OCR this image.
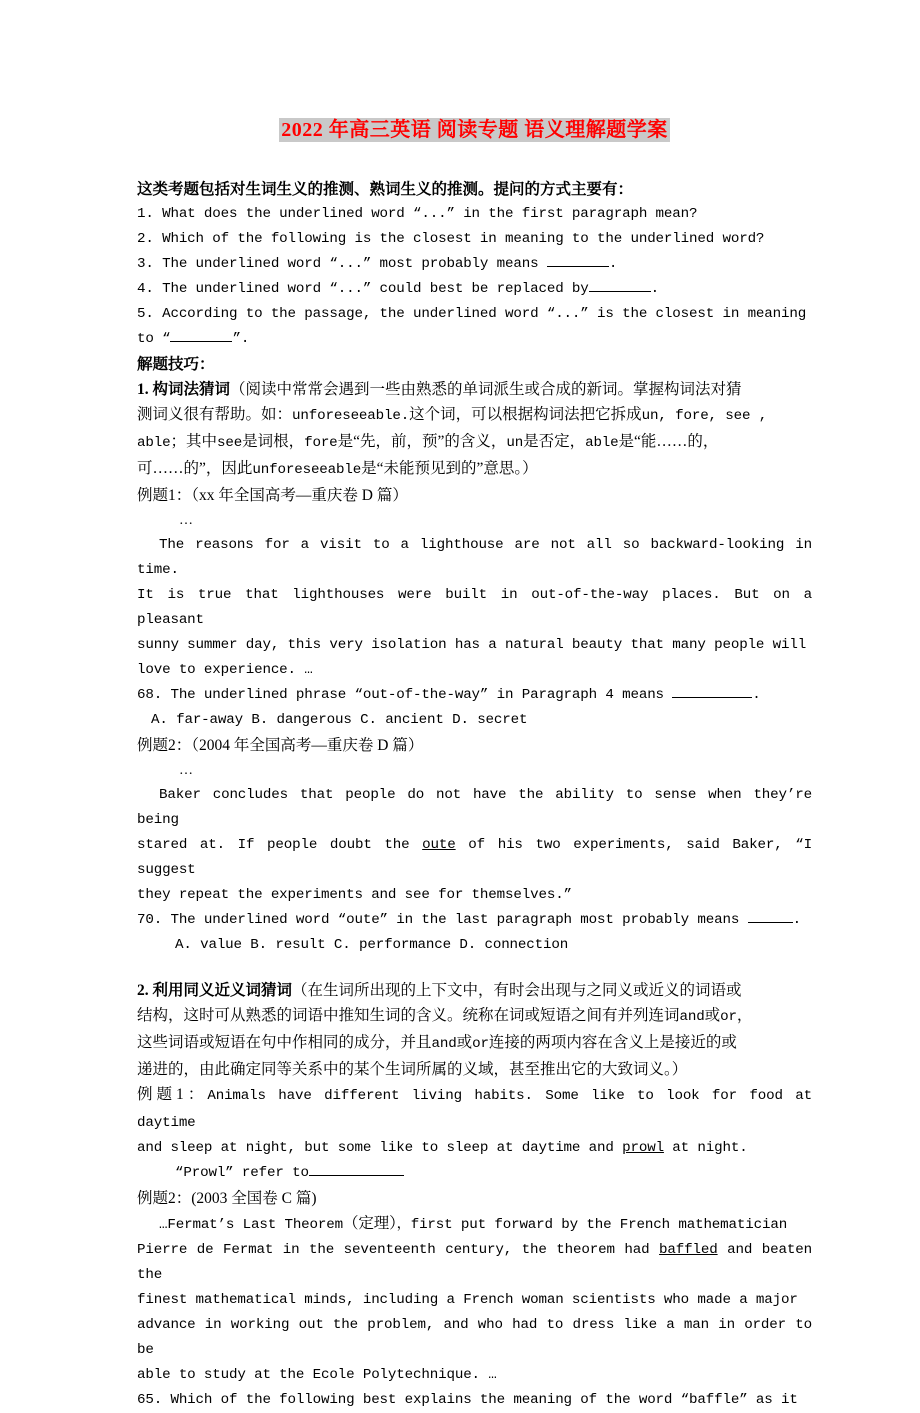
2022 年高三英语 阅读专题 语义理解题学案

这类考题包括对生词生义的推测、熟词生义的推测。提问的方式主要有：

1. What does the underlined word “...” in the first paragraph mean?

2. Which of the following is the closest in meaning to the underlined word?

3. The underlined word “...” most probably means	.

4. The underlined word “...” could best be replaced by	.

5. According to the passage, the underlined word “...” is the closest in meaning

to “	”.

解题技巧：

1. 构词法猜词（阅读中常常会遇到一些由熟悉的单词派生或合成的新词。掌握构词法对猜

测词义很有帮助。如：unforeseeable.这个词，可以根据构词法把它拆成un, fore, see ,

able；其中see是词根，fore是“先，前，预”的含义，un是否定，able是“能……的，

可……的”，因此unforeseeable是“未能预见到的”意思。）

例题1：（xx 年全国高考—重庆卷 D 篇）

…

The reasons for a visit to a lighthouse are not all so backward-looking in time.

It is true that lighthouses were built in out-of-the-way places. But on a pleasant

sunny summer day, this very isolation has a natural beauty that many people will

love to experience. …

68. The underlined phrase “out-of-the-way” in Paragraph 4 means	.

A. far-away B. dangerous C. ancient D. secret

例题2：（2004 年全国高考—重庆卷 D 篇）

…

Baker concludes that people do not have the ability to sense when they’re being

stared at. If people doubt the oute of his two experiments, said Baker, “I suggest

they repeat the experiments and see for themselves.”

70. The underlined word “oute” in the last paragraph most probably means	.

A. value B. result C. performance D. connection

2. 利用同义近义词猜词（在生词所出现的上下文中，有时会出现与之同义或近义的词语或

结构，这时可从熟悉的词语中推知生词的含义。统称在词或短语之间有并列连词and或or，

这些词语或短语在句中作相同的成分，并且and或or连接的两项内容在含义上是接近的或

递进的，由此确定同等关系中的某个生词所属的义域，甚至推出它的大致词义。）

例题1：Animals have different living habits. Some like to look for food at daytime

and sleep at night, but some like to sleep at daytime and prowl at night.

“Prowl” refer to

例题2：(2003 全国卷 C 篇)

…Fermat’s Last Theorem（定理），first put forward by the French mathematician

Pierre de Fermat in the seventeenth century, the theorem had baffled and beaten the

finest mathematical minds, including a French woman scientists who made a major

advance in working out the problem, and who had to dress like a man in order to be

able to study at the Ecole Polytechnique. …

65. Which of the following best explains the meaning of the word “baffle” as it
